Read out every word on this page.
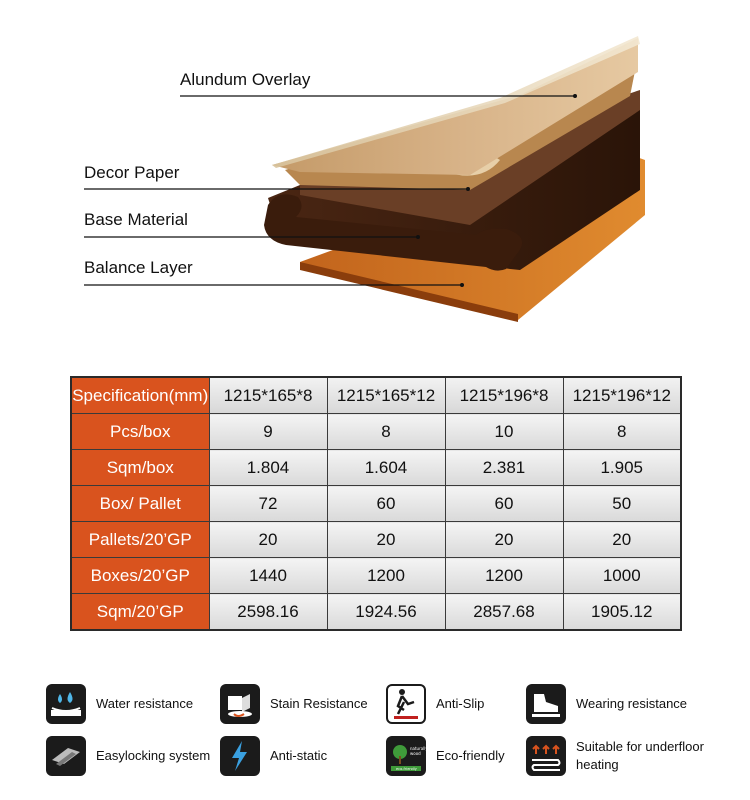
Alundum Overlay
Decor Paper
Base Material
Balance Layer
Specification(mm)	1215*165*8	1215*165*12	1215*196*8	1215*196*12
Pcs/box	9	8	10	8
Sqm/box	1.804	1.604	2.381	1.905
Box/ Pallet	72	60	60	50
Pallets/20’GP	20	20	20	20
Boxes/20’GP	1440	1200	1200	1000
Sqm/20’GP	2598.16	1924.56	2857.68	1905.12
Water resistance	Stain Resistance	Anti-Slip	Wearing resistance
Easylocking system	Anti-static	naturally
wood
eco-friendly
Eco-friendly
Suitable for underfloor heating
